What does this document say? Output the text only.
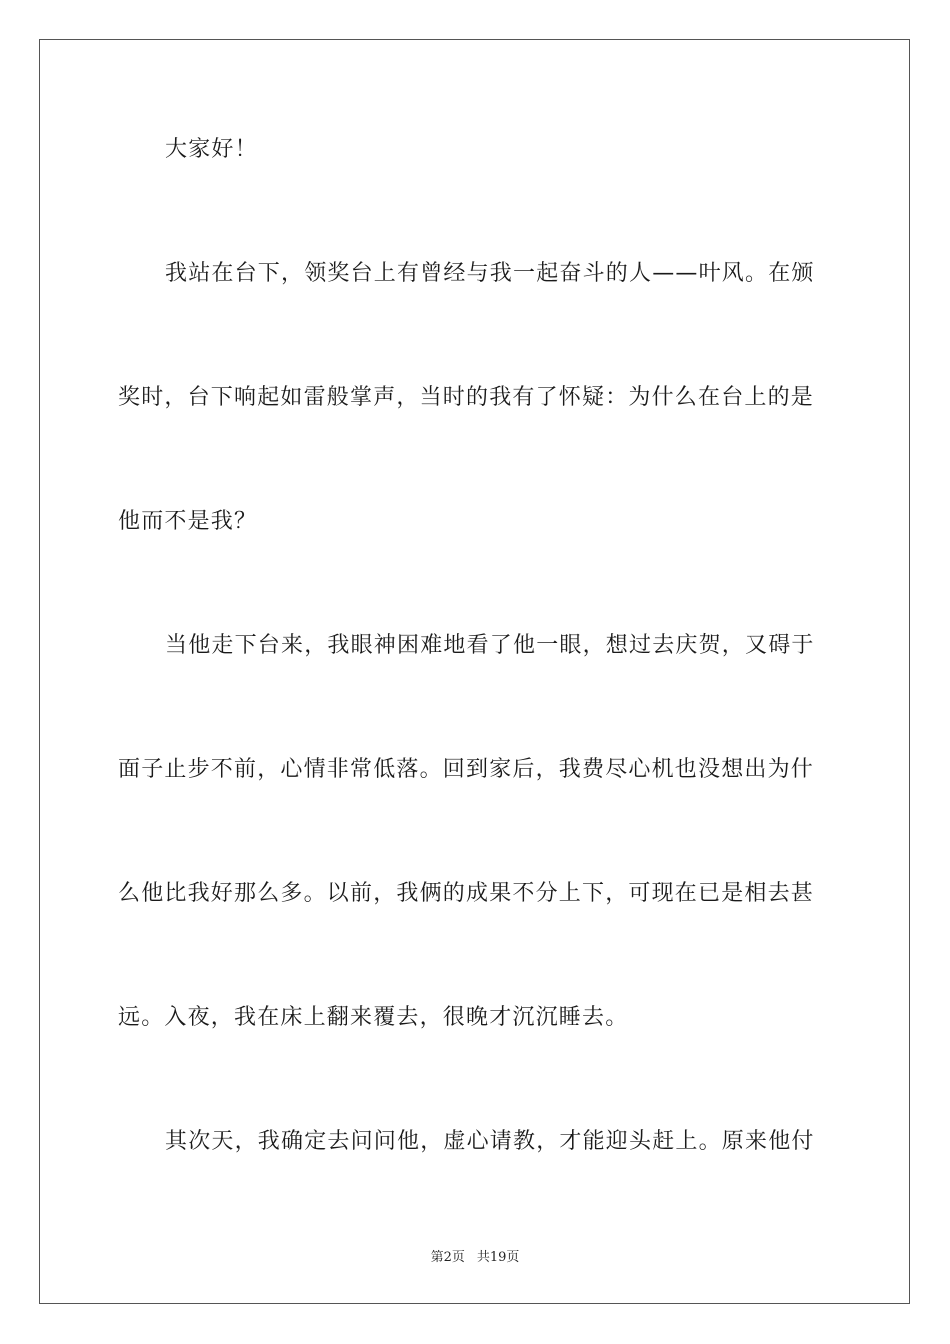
大家好！
我站在台下，领奖台上有曾经与我一起奋斗的人——叶风。在颁
奖时，台下响起如雷般掌声，当时的我有了怀疑：为什么在台上的是
他而不是我？
当他走下台来，我眼神困难地看了他一眼，想过去庆贺，又碍于
面子止步不前，心情非常低落。回到家后，我费尽心机也没想出为什
么他比我好那么多。以前，我俩的成果不分上下，可现在已是相去甚
远。入夜，我在床上翻来覆去，很晚才沉沉睡去。
其次天，我确定去问问他，虚心请教，才能迎头赶上。原来他付
第2页 共19页
